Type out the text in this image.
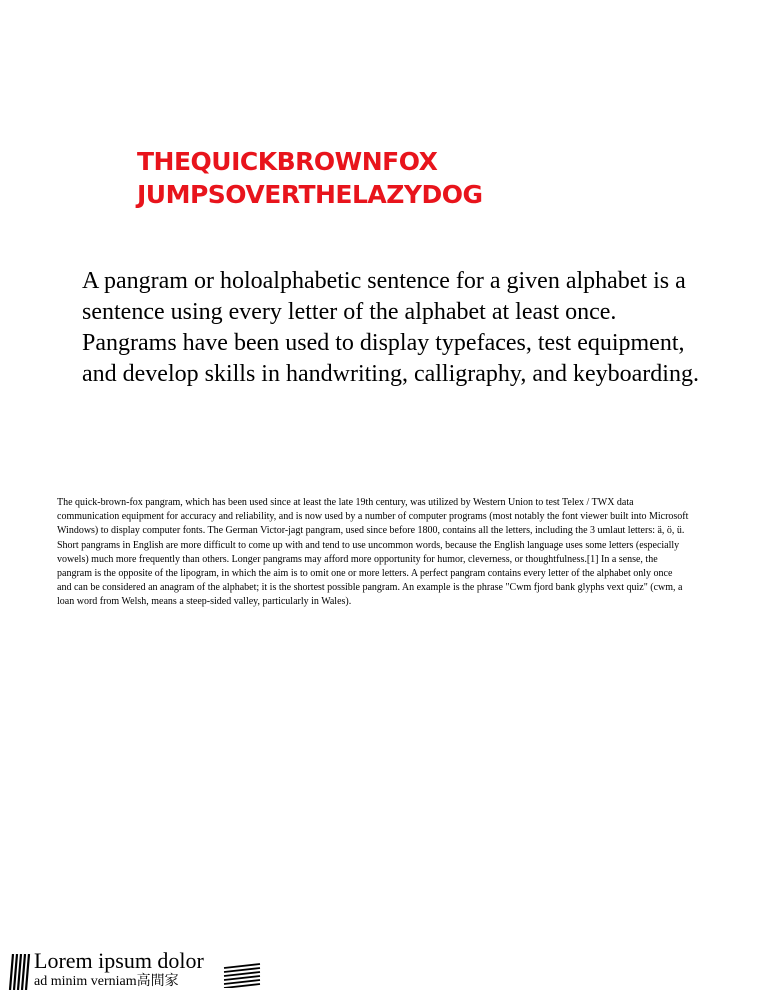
THEQUICKBROWNFOX
JUMPSOVERTHELAZYDOG

A pangram or holoalphabetic sentence for a given alphabet is a sentence using every letter of the alphabet at least once. Pangrams have been used to display typefaces, test equipment, and develop skills in handwriting, calligraphy, and keyboarding.

The quick-brown-fox pangram, which has been used since at least the late 19th century, was utilized by Western Union to test Telex / TWX data communication equipment for accuracy and reliability, and is now used by a number of computer programs (most notably the font viewer built into Microsoft Windows) to display computer fonts. The German Victor-jagt pangram, used since before 1800, contains all the letters, including the 3 umlaut letters: ä, ö, ü.

Short pangrams in English are more difficult to come up with and tend to use uncommon words, because the English language uses some letters (especially vowels) much more frequently than others. Longer pangrams may afford more opportunity for humor, cleverness, or thoughtfulness.[1] In a sense, the pangram is the opposite of the lipogram, in which the aim is to omit one or more letters. A perfect pangram contains every letter of the alphabet only once and can be considered an anagram of the alphabet; it is the shortest possible pangram. An example is the phrase "Cwm fjord bank glyphs vext quiz" (cwm, a loan word from Welsh, means a steep-sided valley, particularly in Wales).

Lorem ipsum dolor
ad minim verniam高間家
